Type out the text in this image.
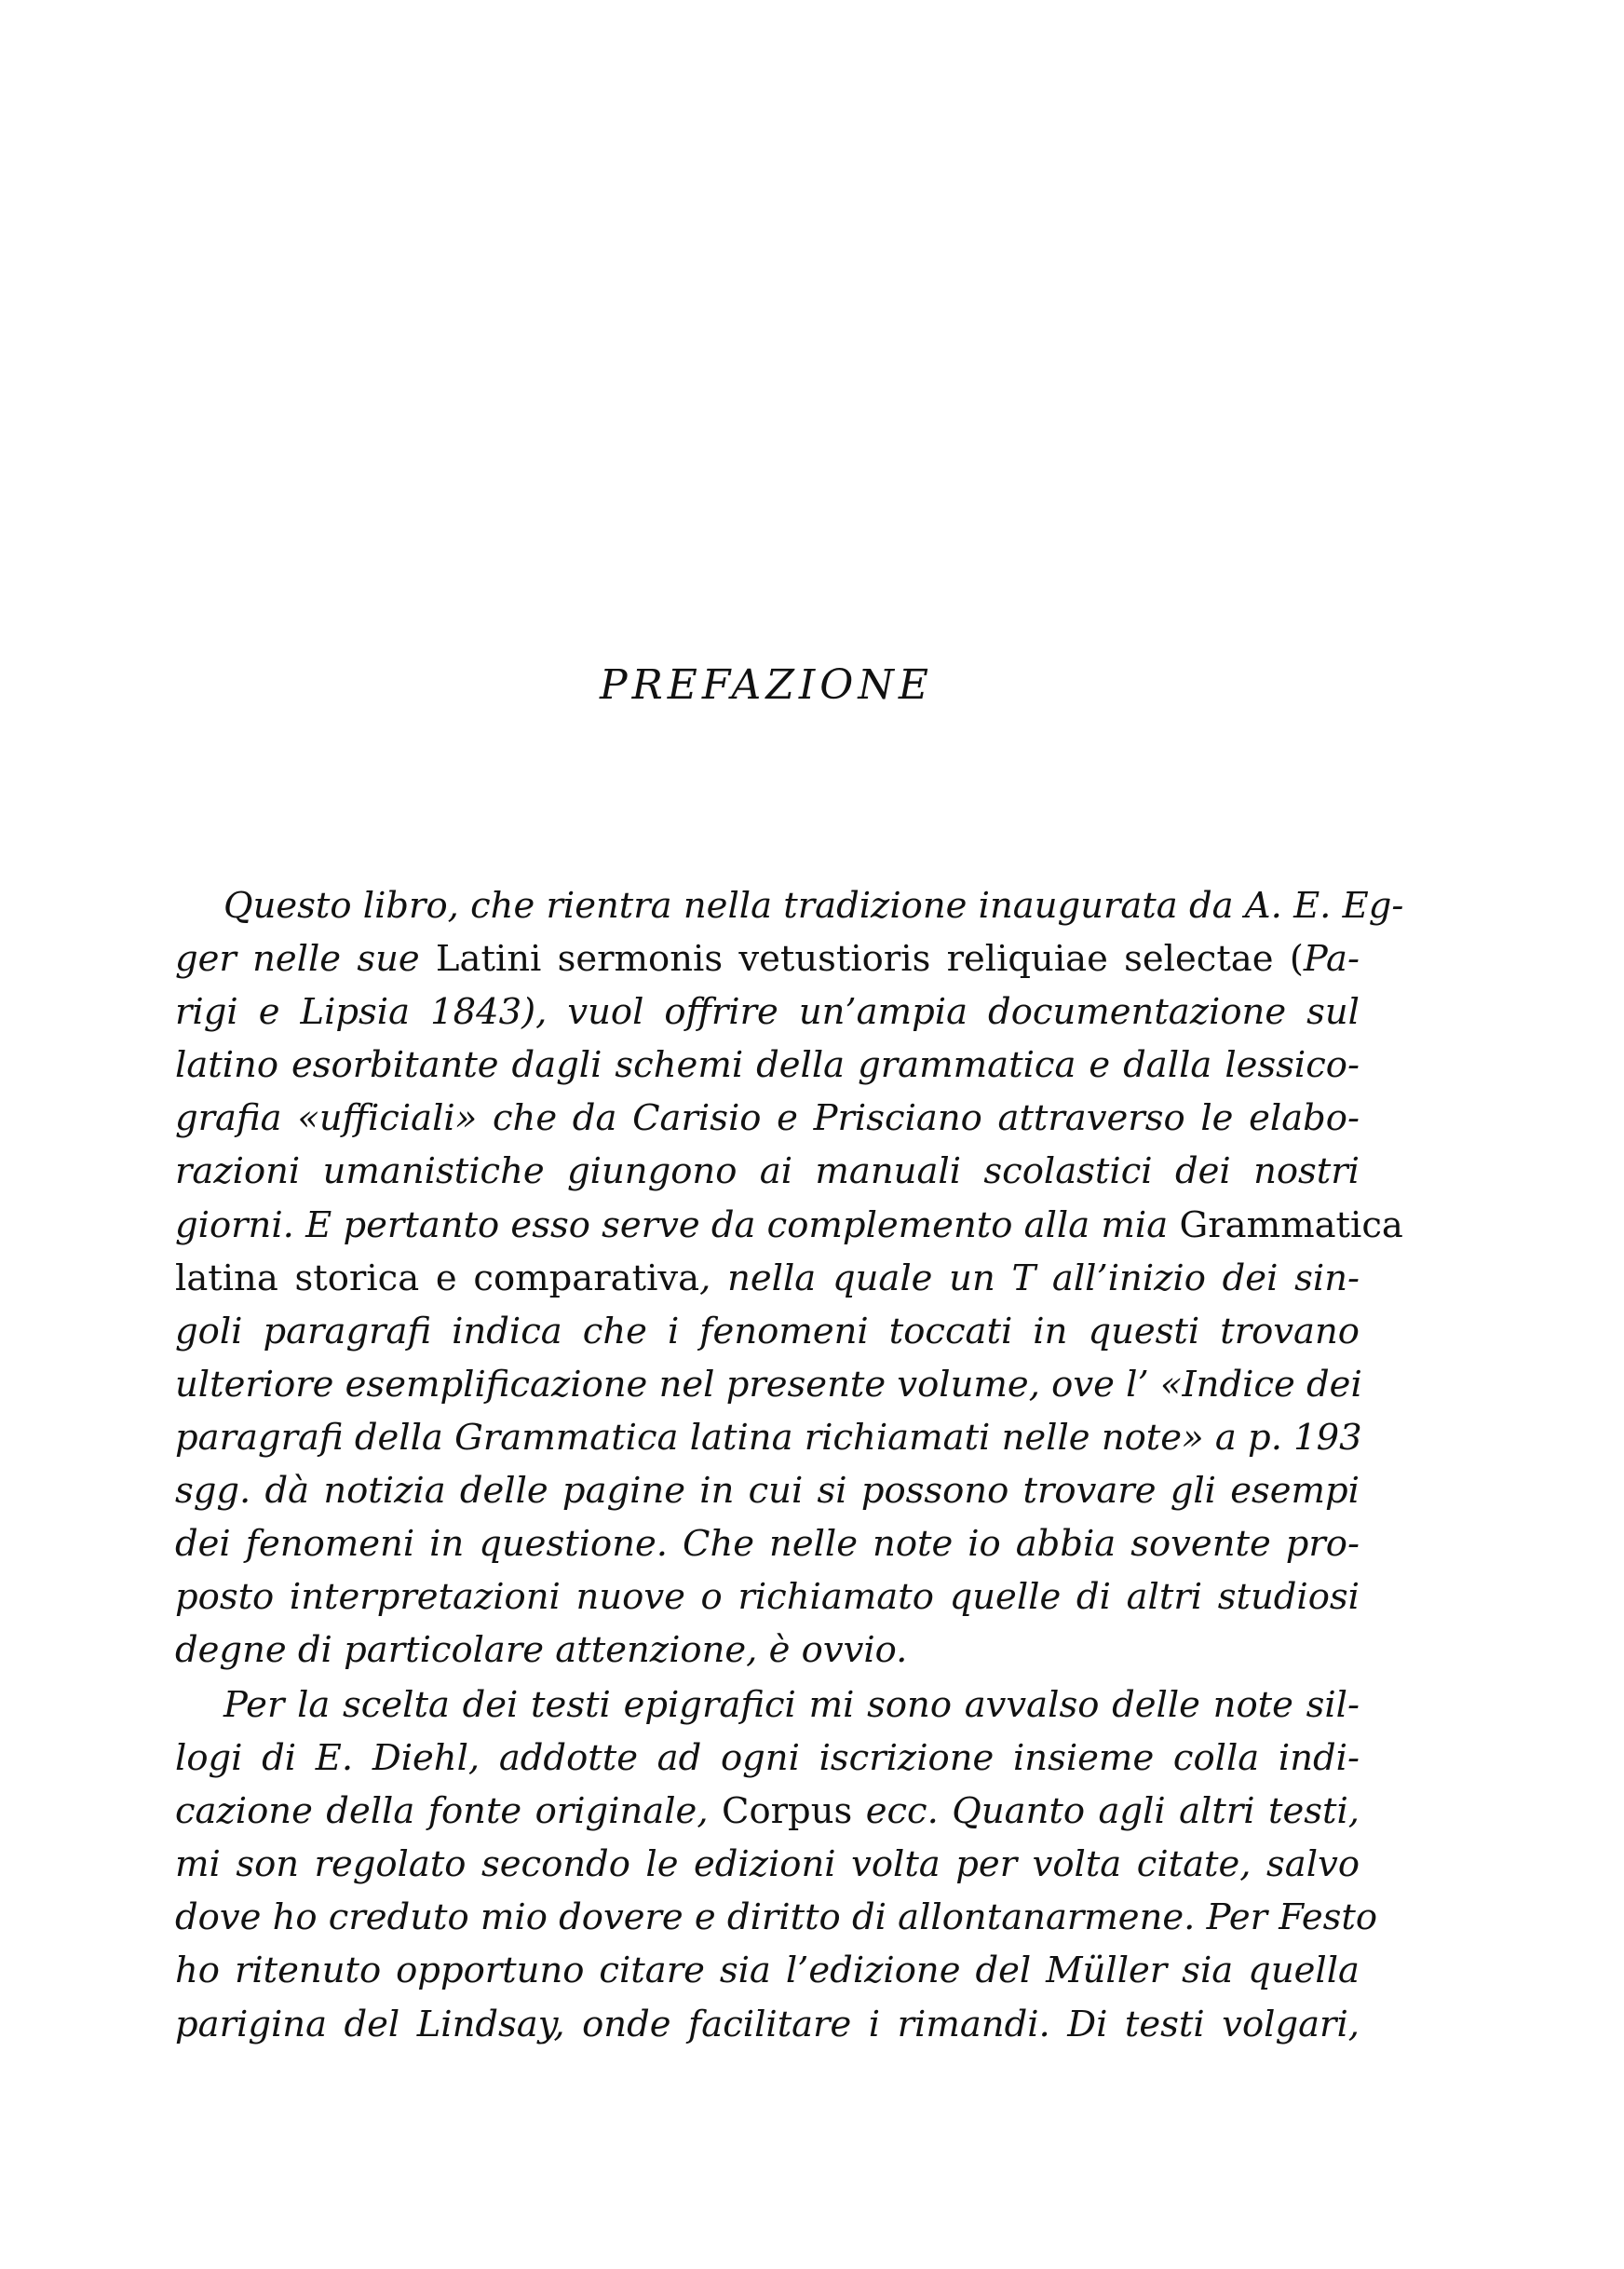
PREFAZIONE
Questo libro, che rientra nella tradizione inaugurata da A. E. Eg-
ger nelle sue Latini sermonis vetustioris reliquiae selectae (Pa-
rigi e Lipsia 1843), vuol offrire un’ampia documentazione sul
latino esorbitante dagli schemi della grammatica e dalla lessico-
grafia «ufficiali» che da Carisio e Prisciano attraverso le elabo-
razioni umanistiche giungono ai manuali scolastici dei nostri
giorni. E pertanto esso serve da complemento alla mia Grammatica
latina storica e comparativa, nella quale un T all’inizio dei sin-
goli paragrafi indica che i fenomeni toccati in questi trovano
ulteriore esemplificazione nel presente volume, ove l’ «Indice dei
paragrafi della Grammatica latina richiamati nelle note» a p. 193
sgg. dà notizia delle pagine in cui si possono trovare gli esempi
dei fenomeni in questione. Che nelle note io abbia sovente pro-
posto interpretazioni nuove o richiamato quelle di altri studiosi
degne di particolare attenzione, è ovvio.
Per la scelta dei testi epigrafici mi sono avvalso delle note sil-
logi di E. Diehl, addotte ad ogni iscrizione insieme colla indi-
cazione della fonte originale, Corpus ecc. Quanto agli altri testi,
mi son regolato secondo le edizioni volta per volta citate, salvo
dove ho creduto mio dovere e diritto di allontanarmene. Per Festo
ho ritenuto opportuno citare sia l’edizione del Müller sia quella
parigina del Lindsay, onde facilitare i rimandi. Di testi volgari,
